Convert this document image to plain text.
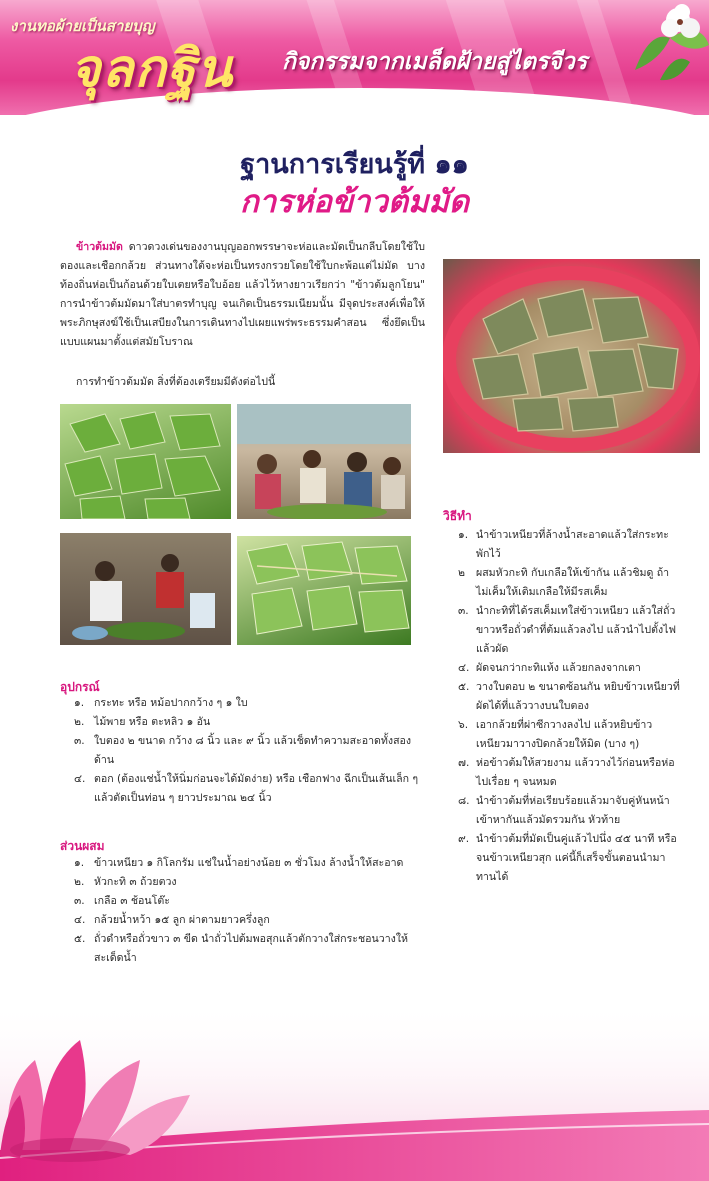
งานทอผ้ายเป็นสายบุญ
จุลกฐิน กิจกรรมจากเมล็ดฝ้ายสู่ไตรจีวร
ฐานการเรียนรู้ที่ ๑๑
การห่อข้าวต้มมัด
ข้าวต้มมัด ดาวดวงเด่นของงานบุญออกพรรษาจะห่อและมัดเป็นกลีบโดยใช้ใบตองและเชือกกล้วย ส่วนทางใต้จะห่อเป็นทรงกรวยโดยใช้ใบกะพ้อแต่ไม่มัด บางท้องถิ่นห่อเป็นก้อนด้วยใบเตยหรือใบอ้อย แล้วไว้หางยาวเรียกว่า "ข้าวต้มลูกโยน" การนำข้าวต้มมัดมาใส่บาตรทำบุญ จนเกิดเป็นธรรมเนียมนั้น มีจุดประสงค์เพื่อให้พระภิกษุสงฆ์ใช้เป็นเสบียงในการเดินทางไปเผยแพร่พระธรรมคำสอน ซึ่งยึดเป็นแบบแผนมาตั้งแต่สมัยโบราณ
การทำข้าวต้มมัด สิ่งที่ต้องเตรียมมีดังต่อไปนี้
อุปกรณ์
๑. กระทะ หรือ หม้อปากกว้าง ๆ ๑ ใบ
๒. ไม้พาย หรือ ตะหลิว ๑ อัน
๓. ใบตอง ๒ ขนาด กว้าง ๘ นิ้ว และ ๙ นิ้ว แล้วเช็ดทำความสะอาดทั้งสองด้าน
๔. ตอก (ต้องแช่น้ำให้นิ่มก่อนจะได้มัดง่าย) หรือ เชือกฟาง ฉีกเป็นเส้นเล็ก ๆ แล้วตัดเป็นท่อน ๆ ยาวประมาณ ๒๔ นิ้ว
ส่วนผสม
๑. ข้าวเหนียว ๑ กิโลกรัม แช่ในน้ำอย่างน้อย ๓ ชั่วโมง ล้างน้ำให้สะอาด
๒. หัวกะทิ ๓ ถ้วยตวง
๓. เกลือ ๓ ช้อนโต๊ะ
๔. กล้วยน้ำหว้า ๑๕ ลูก ผ่าตามยาวครึ่งลูก
๕. ถั่วดำหรือถั่วขาว ๓ ขีด นำถั่วไปต้มพอสุกแล้วตักวางใส่กระชอนวางให้สะเด็ดน้ำ
วิธีทำ
๑. นำข้าวเหนียวที่ล้างน้ำสะอาดแล้วใส่กระทะ พักไว้
๒ ผสมหัวกะทิ กับเกลือให้เข้ากัน แล้วชิมดู ถ้าไม่เค็มให้เติมเกลือให้มีรสเค็ม
๓. นำกะทิที่ได้รสเค็มเทใส่ข้าวเหนียว แล้วใส่ถั่วขาวหรือถั่วดำที่ต้มแล้วลงไป แล้วนำไปตั้งไฟแล้วผัด
๔. ผัดจนกว่ากะทิแห้ง แล้วยกลงจากเตา
๕. วางใบตอบ ๒ ขนาดซ้อนกัน หยิบข้าวเหนียวที่ผัดได้ที่แล้ววางบนใบตอง
๖. เอากล้วยที่ผ่าซีกวางลงไป แล้วหยิบข้าวเหนียวมาวางปิดกล้วยให้มิด (บาง ๆ)
๗. ห่อข้าวต้มให้สวยงาม แล้ววางไว้ก่อนหรือห่อไปเรื่อย ๆ จนหมด
๘. นำข้าวต้มที่ห่อเรียบร้อยแล้วมาจับคู่หันหน้าเข้าหากันแล้วมัดรวมกัน หัวท้าย
๙. นำข้าวต้มที่มัดเป็นคู่แล้วไปนึ่ง ๔๕ นาที หรือ จนข้าวเหนียวสุก แค่นี้ก็เสร็จขั้นตอนนำมาทานได้
